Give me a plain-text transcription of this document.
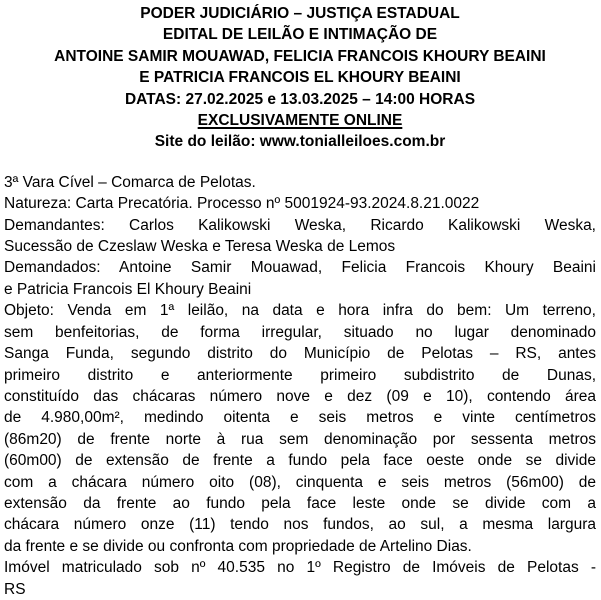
PODER JUDICIÁRIO – JUSTIÇA ESTADUAL
EDITAL DE LEILÃO E INTIMAÇÃO DE
ANTOINE SAMIR MOUAWAD, FELICIA FRANCOIS KHOURY BEAINI
E PATRICIA FRANCOIS EL KHOURY BEAINI
DATAS: 27.02.2025 e 13.03.2025 – 14:00 HORAS
EXCLUSIVAMENTE ONLINE
Site do leilão: www.tonialleiloes.com.br
3ª Vara Cível – Comarca de Pelotas.
Natureza: Carta Precatória. Processo nº 5001924-93.2024.8.21.0022
Demandantes: Carlos Kalikowski Weska, Ricardo Kalikowski Weska,
Sucessão de Czeslaw Weska e Teresa Weska de Lemos
Demandados: Antoine Samir Mouawad, Felicia Francois Khoury Beaini
e Patricia Francois El Khoury Beaini
Objeto: Venda em 1ª leilão, na data e hora infra do bem: Um terreno,
sem benfeitorias, de forma irregular, situado no lugar denominado
Sanga Funda, segundo distrito do Município de Pelotas – RS, antes
primeiro distrito e anteriormente primeiro subdistrito de Dunas,
constituído das chácaras número nove e dez (09 e 10), contendo área
de 4.980,00m², medindo oitenta e seis metros e vinte centímetros
(86m20) de frente norte à rua sem denominação por sessenta metros
(60m00) de extensão de frente a fundo pela face oeste onde se divide
com a chácara número oito (08), cinquenta e seis metros (56m00) de
extensão da frente ao fundo pela face leste onde se divide com a
chácara número onze (11) tendo nos fundos, ao sul, a mesma largura
da frente e se divide ou confronta com propriedade de Artelino Dias.
Imóvel matriculado sob nº 40.535 no 1º Registro de Imóveis de Pelotas -
RS
